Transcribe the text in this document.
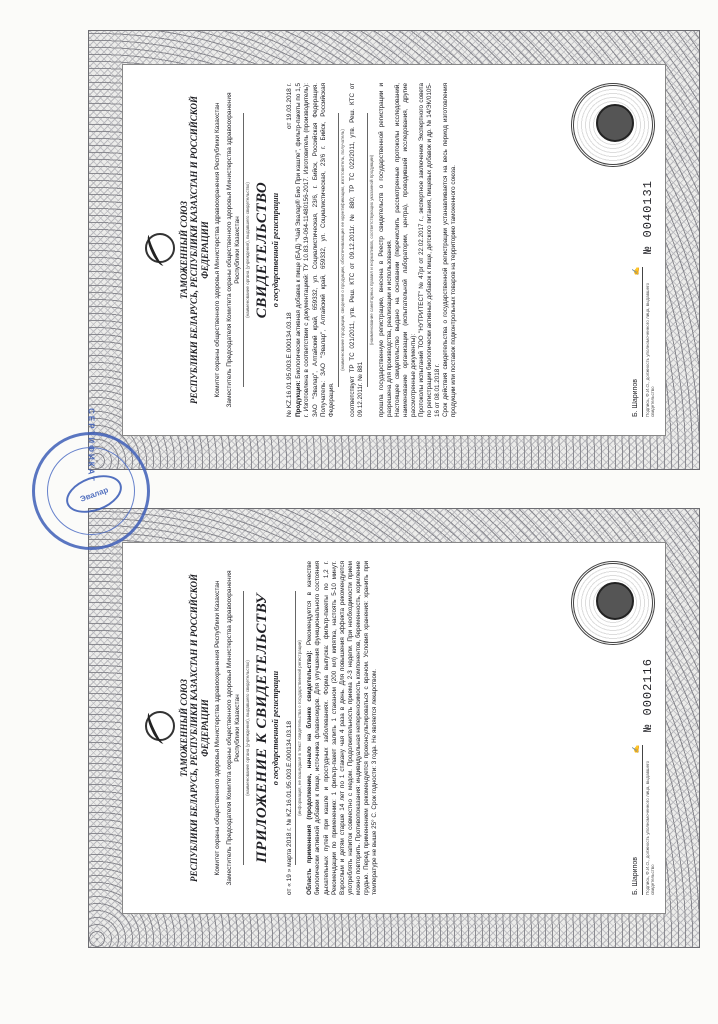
ТАМОЖЕННЫЙ СОЮЗ РЕСПУБЛИКИ БЕЛАРУСЬ, РЕСПУБЛИКИ КАЗАХСТАН И РОССИЙСКОЙ ФЕДЕРАЦИИ Комитет охраны общественного здоровья Министерства здравоохранения Республики Казахстан Заместитель Председателя Комитета охраны общественного здоровья Министерства здравоохранения Республики Казахстан	(наименование органа (учреждения), выдавшего свидетельство) СВИДЕТЕЛЬСТВО о государственной регистрации
№ KZ.16.01.95.003.E.000134.03.18
от 19.03.2018 г.
Продукция: Биологически активная добавка к пище (БАД) "Чай Эвалар® Био При кашле", фильтр-пакеты по 1,5 г. Изготовлена в соответствии с документацией: ТУ 10.83.19-064-11480156-2017. Изготовитель (производитель): ЗАО "Эвалар", Алтайский край, 659332, ул. Социалистическая, 23/6, г. Бийск, Российская Федерация. Получатель: ЗАО "Эвалар", Алтайский край, 659332, ул. Социалистическая, 23/6 г. Бийск, Российская Федерация.
(наименование продукции, сведения о продукции, обеспечивающие ее идентификацию, изготовитель, получатель)
соответствует ТР ТС 021/2011, утв. Реш. КТС от 09.12.2011г. № 880; ТР ТС 022/2011, утв. Реш. КТС от 09.12.2011г. № 881
(наименование санитарных правил и нормативов, соответствующих указанной продукции) прошла государственную регистрацию, внесена в Реестр свидетельств о государственной регистрации и разрешена для производства, реализации и использования. Настоящее свидетельство выдано на основании (перечислить рассмотренные протоколы исследований, наименование организации (испытательной лаборатории, центра), проводившей исследования, другие рассмотренные документы): Протоколы испытаний ТОО "НУТРИТЕСТ" № 47рг от 22.02.2017 г., экспертное заключение Экспертного совета по регистрации биологически активных добавок к пище, детского питания, пищевых добавок и др. № 14/ЭК/0105-16 от 08.01.2018 г. Срок действия свидетельства о государственной регистрации устанавливается на весь период изготовления продукции или поставок подконтрольных товаров на территорию таможенного союза.	Б. Шарипов
✍
Подпись, Ф.И.О., должность уполномоченного лица, выдавшего свидетельство
№ 0040131
ТАМОЖЕННЫЙ СОЮЗ РЕСПУБЛИКИ БЕЛАРУСЬ, РЕСПУБЛИКИ КАЗАХСТАН И РОССИЙСКОЙ ФЕДЕРАЦИИ Комитет охраны общественного здоровья Министерства здравоохранения Республики Казахстан Заместитель Председателя Комитета охраны общественного здоровья Министерства здравоохранения Республики Казахстан	(наименование органа (учреждения), выдавшего свидетельство) ПРИЛОЖЕНИЕ К СВИДЕТЕЛЬСТВУ о государственной регистрации от « 19 » марта 2018 г. № KZ.16.01.95.003.E.000134.03.18 (информация, не вошедшая в текст свидетельства о государственной регистрации) Область применения (продолжение, начало на бланке свидетельства): Рекомендуется в качестве биологически активной добавки к пище, источника флавоноидов. Для улучшения функционального состояния дыхательных путей при кашле и простудных заболеваниях. Форма выпуска: фильтр-пакеты по 1,2 г. Рекомендации по применению: 1 фильтр-пакет залить 1 стаканом (200 мл) кипятка, настоять 5-10 минут. Взрослым и детям старше 14 лет по 1 стакану чая 4 раза в день. Для повышения эффекта рекомендуется употреблять напиток совместно с медом. Продолжительность приема 2-3 недели. При необходимости прием можно повторить. Противопоказания: индивидуальная непереносимость компонентов, беременность, кормление грудью. Перед применением рекомендуется проконсультироваться с врачом. Условия хранения: хранить при температуре не выше 25° С. Срок годности: 3 года. Не является лекарством.	Б. Шарипов
✍
Подпись, Ф.И.О., должность уполномоченного лица, выдавшего свидетельство
№ 0002116
СЕРТИФИКАТ
Эвалар
